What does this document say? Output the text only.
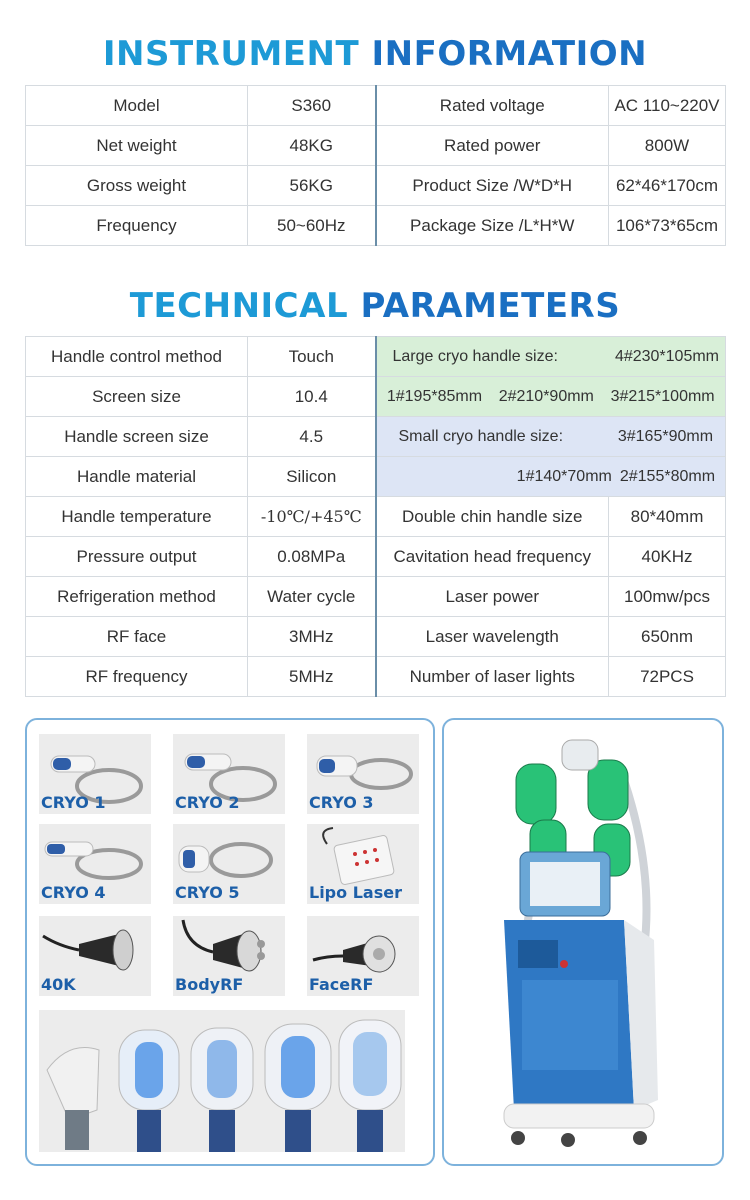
INSTRUMENT INFORMATION
Model	S360	Rated voltage	AC 110~220V
Net weight	48KG	Rated power	800W
Gross weight	56KG	Product Size /W*D*H	62*46*170cm
Frequency	50~60Hz	Package Size /L*H*W	106*73*65cm
TECHNICAL PARAMETERS
Handle control method	Touch	Large cryo handle size: 4#230*105mm	

Screen size	10.4	1#195*85mm 2#210*90mm 3#215*100mm	

Handle screen size	4.5	Small cryo handle size: 3#165*90mm	

Handle material	Silicon	1#140*70mm 2#155*80mm	

Handle temperature	-10℃/+45℃	Double chin handle size	80*40mm
Pressure output	0.08MPa	Cavitation head frequency	40KHz
Refrigeration method	Water cycle	Laser power	100mw/pcs
RF face	3MHz	Laser wavelength	650nm
RF frequency	5MHz	Number of laser lights	72PCS
CRYO 1	CRYO 2	CRYO 3
CRYO 4	CRYO 5	Lipo Laser
40K	BodyRF	FaceRF
